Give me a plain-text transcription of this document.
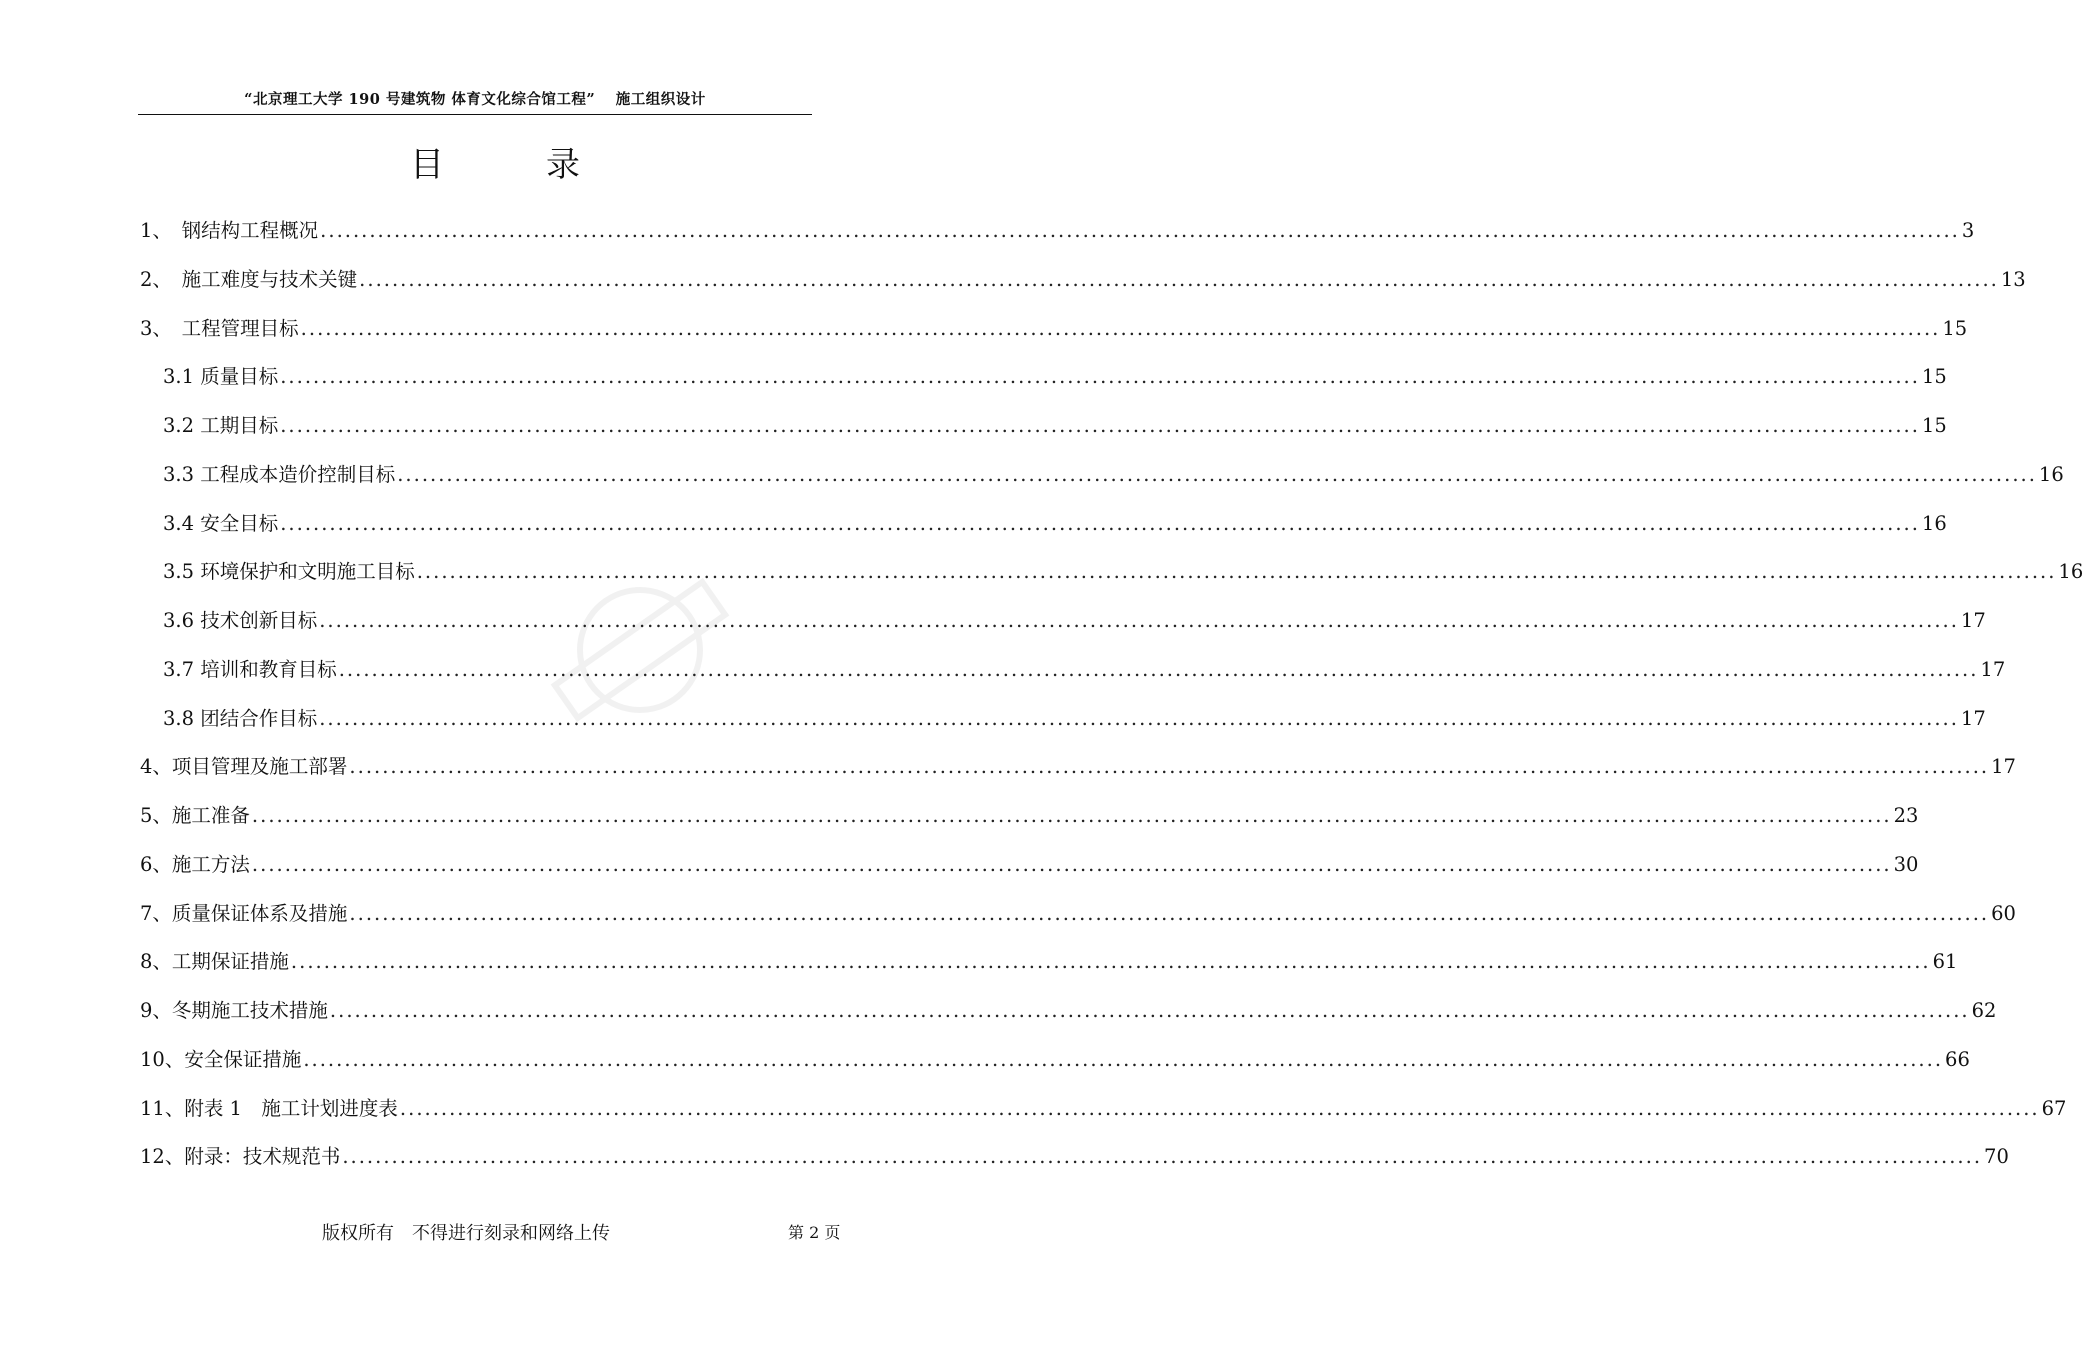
“北京理工大学 190 号建筑物 体育文化综合馆工程”　 施工组织设计
目	录
1、　钢结构工程概况 ........................................................................................................................................................................................................ 3
2、　施工难度与技术关键 ........................................................................................................................................................................................................ 13
3、　工程管理目标 ........................................................................................................................................................................................................ 15
3.1 质量目标 ........................................................................................................................................................................................................ 15
3.2 工期目标 ........................................................................................................................................................................................................ 15
3.3 工程成本造价控制目标 ........................................................................................................................................................................................................ 16
3.4 安全目标 ........................................................................................................................................................................................................ 16
3.5 环境保护和文明施工目标 ........................................................................................................................................................................................................ 16
3.6 技术创新目标 ........................................................................................................................................................................................................ 17
3.7 培训和教育目标 ........................................................................................................................................................................................................ 17
3.8 团结合作目标 ........................................................................................................................................................................................................ 17
4、项目管理及施工部署 ........................................................................................................................................................................................................ 17
5、施工准备 ........................................................................................................................................................................................................ 23
6、施工方法 ........................................................................................................................................................................................................ 30
7、质量保证体系及措施 ........................................................................................................................................................................................................ 60
8、工期保证措施 ........................................................................................................................................................................................................ 61
9、冬期施工技术措施 ........................................................................................................................................................................................................ 62
10、安全保证措施 ........................................................................................................................................................................................................ 66
11、附表 1　施工计划进度表 ........................................................................................................................................................................................................ 67
12、附录：技术规范书 ........................................................................................................................................................................................................ 70
版权所有　不得进行刻录和网络上传	第 2 页
